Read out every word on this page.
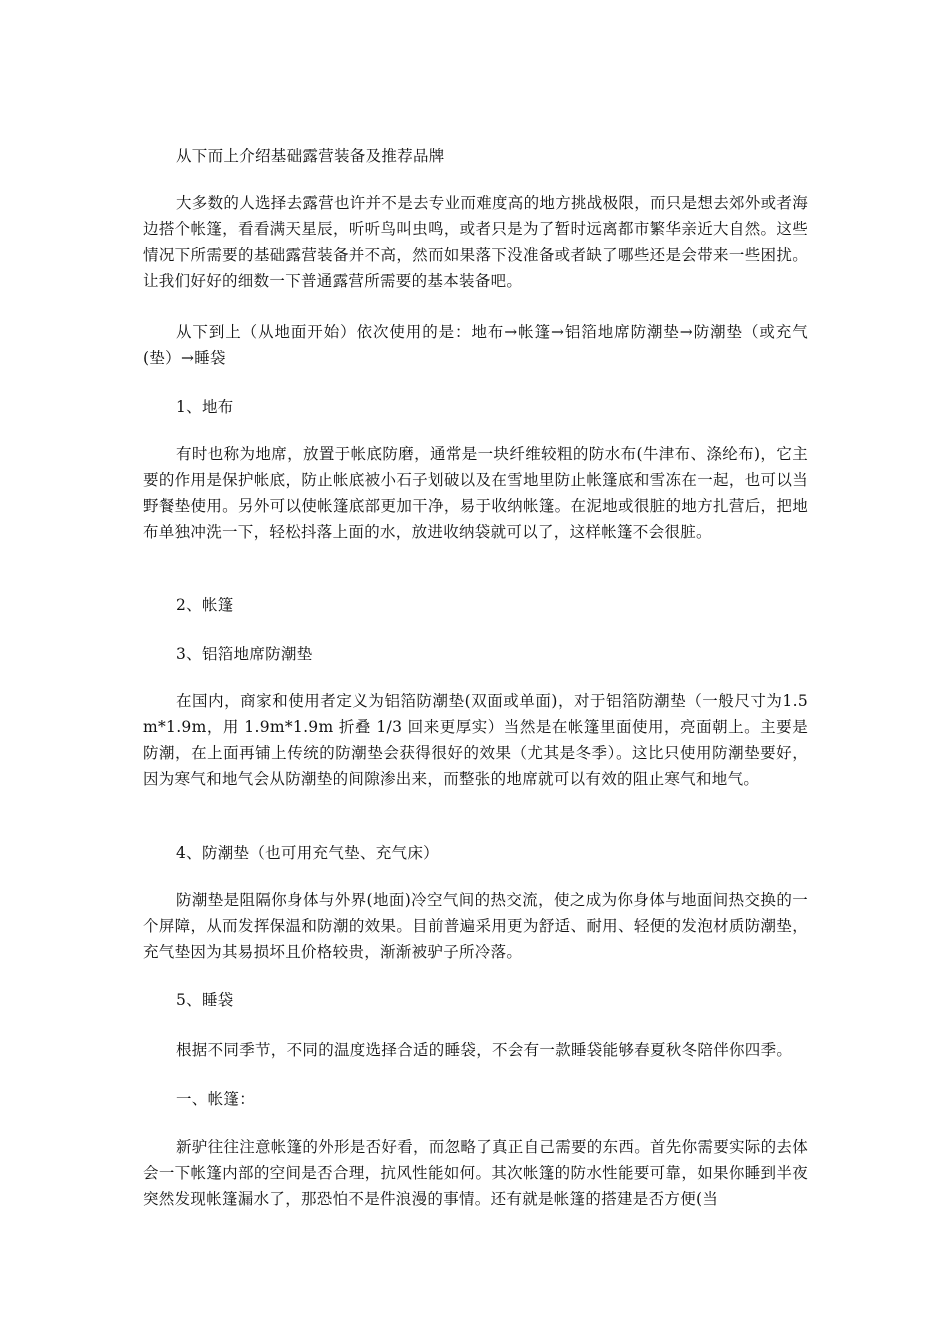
从下而上介绍基础露营装备及推荐品牌

大多数的人选择去露营也许并不是去专业而难度高的地方挑战极限，而只是想去郊外或者海边搭个帐篷，看看满天星辰，听听鸟叫虫鸣，或者只是为了暂时远离都市繁华亲近大自然。这些情况下所需要的基础露营装备并不高，然而如果落下没准备或者缺了哪些还是会带来一些困扰。让我们好好的细数一下普通露营所需要的基本装备吧。

从下到上（从地面开始）依次使用的是：地布→帐篷→铝箔地席防潮垫→防潮垫（或充气(垫）→睡袋

1、地布

有时也称为地席，放置于帐底防磨，通常是一块纤维较粗的防水布(牛津布、涤纶布)，它主要的作用是保护帐底，防止帐底被小石子划破以及在雪地里防止帐篷底和雪冻在一起，也可以当野餐垫使用。另外可以使帐篷底部更加干净，易于收纳帐篷。在泥地或很脏的地方扎营后，把地布单独冲洗一下，轻松抖落上面的水，放进收纳袋就可以了，这样帐篷不会很脏。

2、帐篷

3、铝箔地席防潮垫

在国内，商家和使用者定义为铝箔防潮垫(双面或单面)，对于铝箔防潮垫（一般尺寸为1.5m*1.9m，用 1.9m*1.9m 折叠 1/3 回来更厚实）当然是在帐篷里面使用，亮面朝上。主要是防潮，在上面再铺上传统的防潮垫会获得很好的效果（尤其是冬季）。这比只使用防潮垫要好，因为寒气和地气会从防潮垫的间隙渗出来，而整张的地席就可以有效的阻止寒气和地气。

4、防潮垫（也可用充气垫、充气床）

防潮垫是阻隔你身体与外界(地面)冷空气间的热交流，使之成为你身体与地面间热交换的一个屏障，从而发挥保温和防潮的效果。目前普遍采用更为舒适、耐用、轻便的发泡材质防潮垫，充气垫因为其易损坏且价格较贵，渐渐被驴子所冷落。

5、睡袋

根据不同季节，不同的温度选择合适的睡袋，不会有一款睡袋能够春夏秋冬陪伴你四季。

一、帐篷：

新驴往往注意帐篷的外形是否好看，而忽略了真正自己需要的东西。首先你需要实际的去体会一下帐篷内部的空间是否合理，抗风性能如何。其次帐篷的防水性能要可靠，如果你睡到半夜突然发现帐篷漏水了，那恐怕不是件浪漫的事情。还有就是帐篷的搭建是否方便(当
